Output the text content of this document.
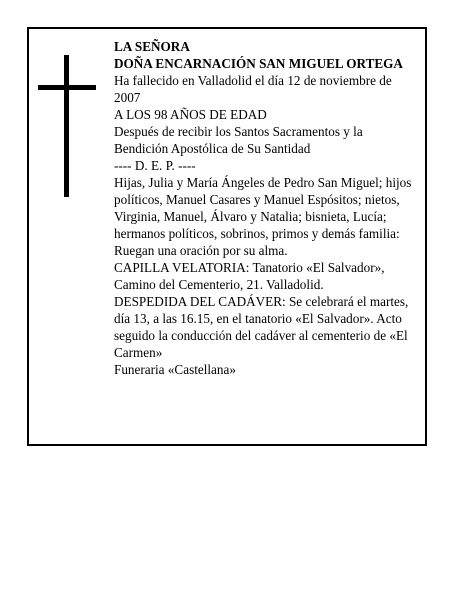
LA SEÑORA

DOÑA ENCARNACIÓN SAN MIGUEL ORTEGA

Ha fallecido en Valladolid el día 12 de noviembre de 2007

A LOS 98 AÑOS DE EDAD

Después de recibir los Santos Sacramentos y la Bendición Apostólica de Su Santidad

---- D. E. P. ----

Hijas, Julia y María Ángeles de Pedro San Miguel; hijos políticos, Manuel Casares y Manuel Espósitos; nietos, Virginia, Manuel, Álvaro y Natalia; bisnieta, Lucía; hermanos políticos, sobrinos, primos y demás familia:

Ruegan una oración por su alma.

CAPILLA VELATORIA: Tanatorio «El Salvador», Camino del Cementerio, 21. Valladolid.

DESPEDIDA DEL CADÁVER: Se celebrará el martes, día 13, a las 16.15, en el tanatorio «El Salvador». Acto seguido la conducción del cadáver al cementerio de «El Carmen»

Funeraria «Castellana»
